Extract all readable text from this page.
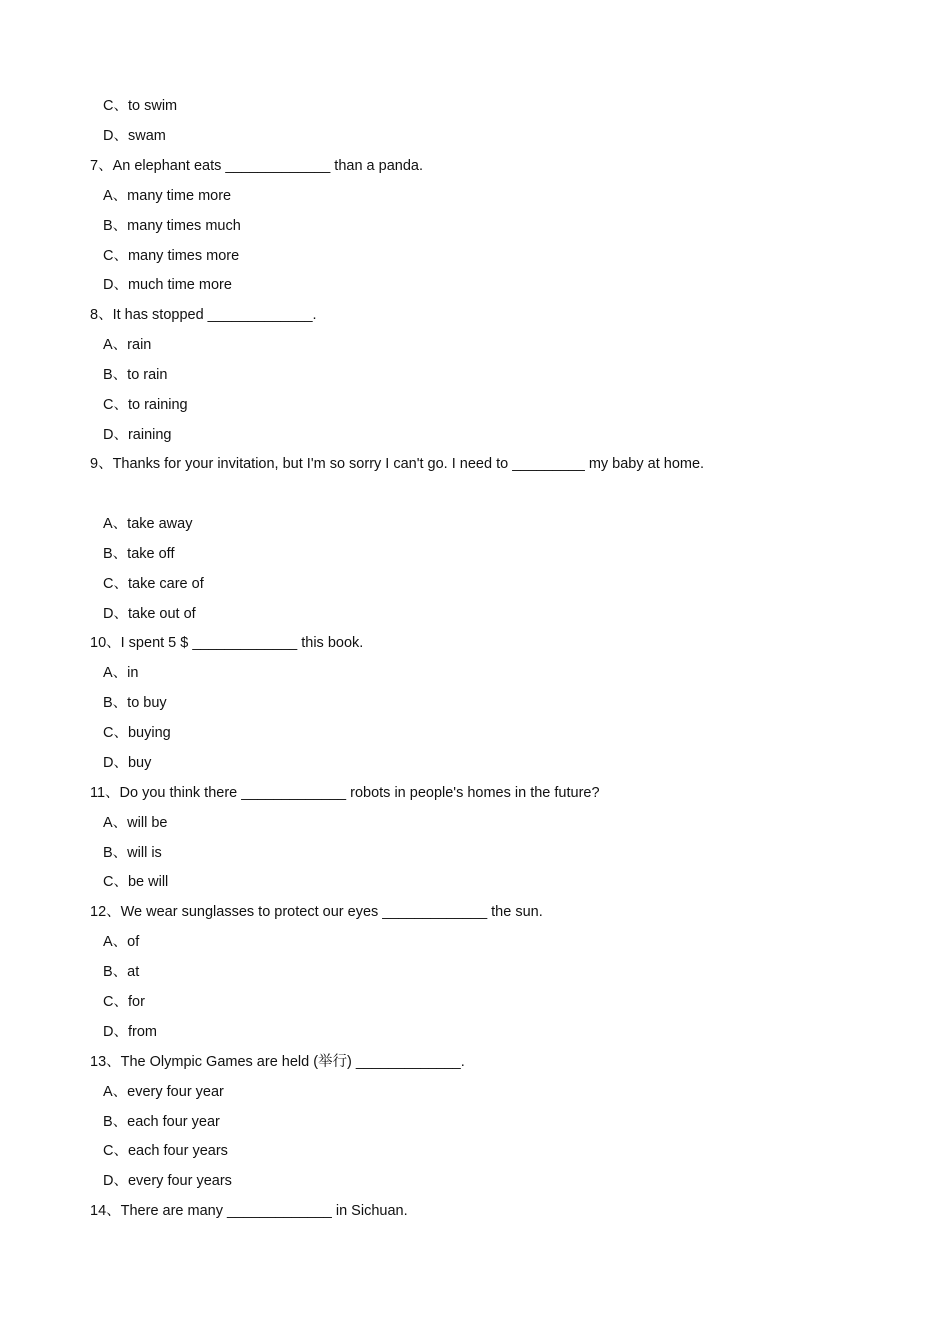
C、to swim
D、swam
7、An elephant eats _____________ than a panda.
A、many time more
B、many times much
C、many times more
D、much time more
8、It has stopped _____________.
A、rain
B、to rain
C、to raining
D、raining
9、Thanks for your invitation, but I'm so sorry I can't go. I need to _________ my baby at home.
A、take away
B、take off
C、take care of
D、take out of
10、I spent 5 $ _____________ this book.
A、in
B、to buy
C、buying
D、buy
11、Do you think there _____________ robots in people's homes in the future?
A、will be
B、will is
C、be will
12、We wear sunglasses to protect our eyes _____________ the sun.
A、of
B、at
C、for
D、from
13、The Olympic Games are held (举行) _____________.
A、every four year
B、each four year
C、each four years
D、every four years
14、There are many _____________ in Sichuan.
